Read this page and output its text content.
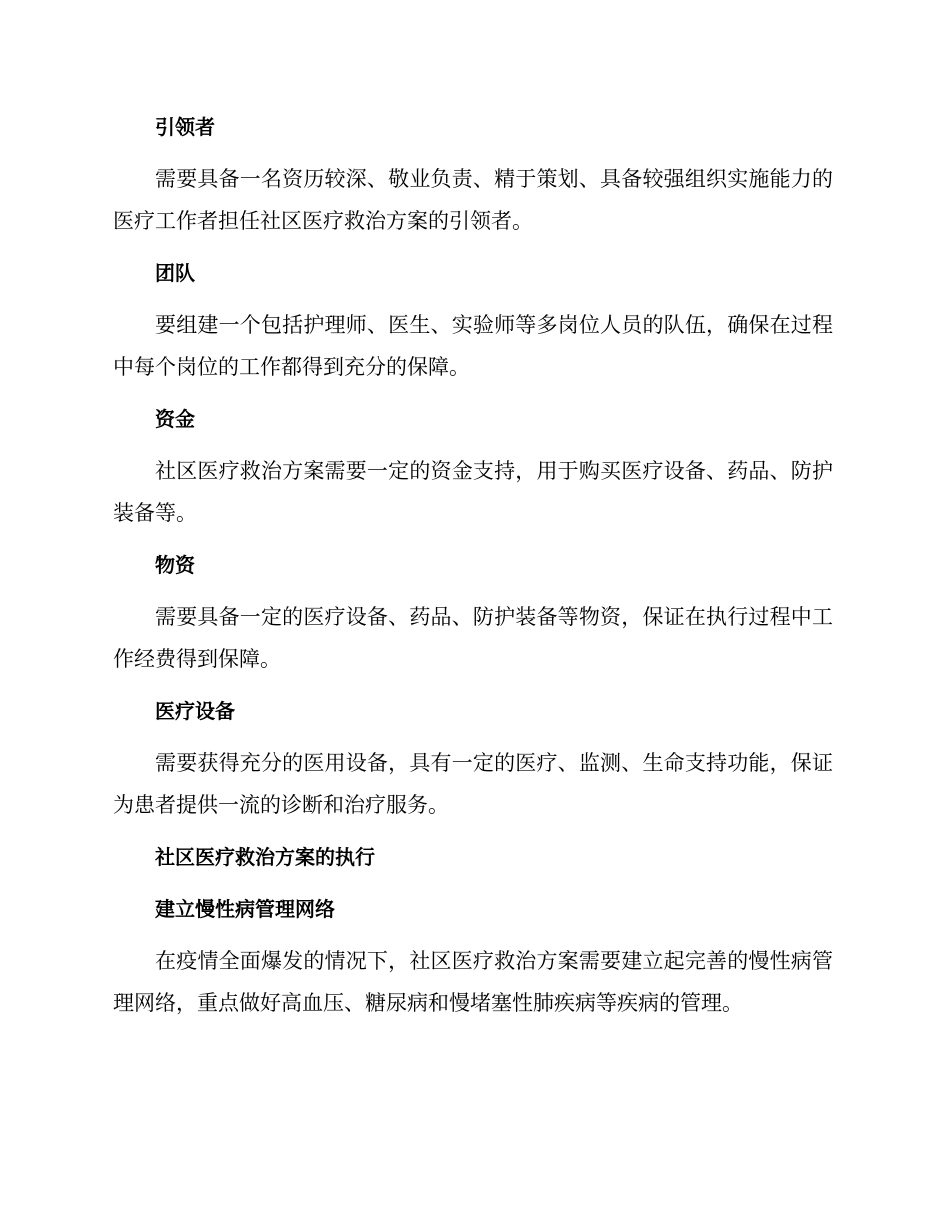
引领者

需要具备一名资历较深、敬业负责、精于策划、具备较强组织实施能力的医疗工作者担任社区医疗救治方案的引领者。

团队

要组建一个包括护理师、医生、实验师等多岗位人员的队伍，确保在过程中每个岗位的工作都得到充分的保障。

资金

社区医疗救治方案需要一定的资金支持，用于购买医疗设备、药品、防护装备等。

物资

需要具备一定的医疗设备、药品、防护装备等物资，保证在执行过程中工作经费得到保障。

医疗设备

需要获得充分的医用设备，具有一定的医疗、监测、生命支持功能，保证为患者提供一流的诊断和治疗服务。

社区医疗救治方案的执行
建立慢性病管理网络

在疫情全面爆发的情况下，社区医疗救治方案需要建立起完善的慢性病管理网络，重点做好高血压、糖尿病和慢堵塞性肺疾病等疾病的管理。
